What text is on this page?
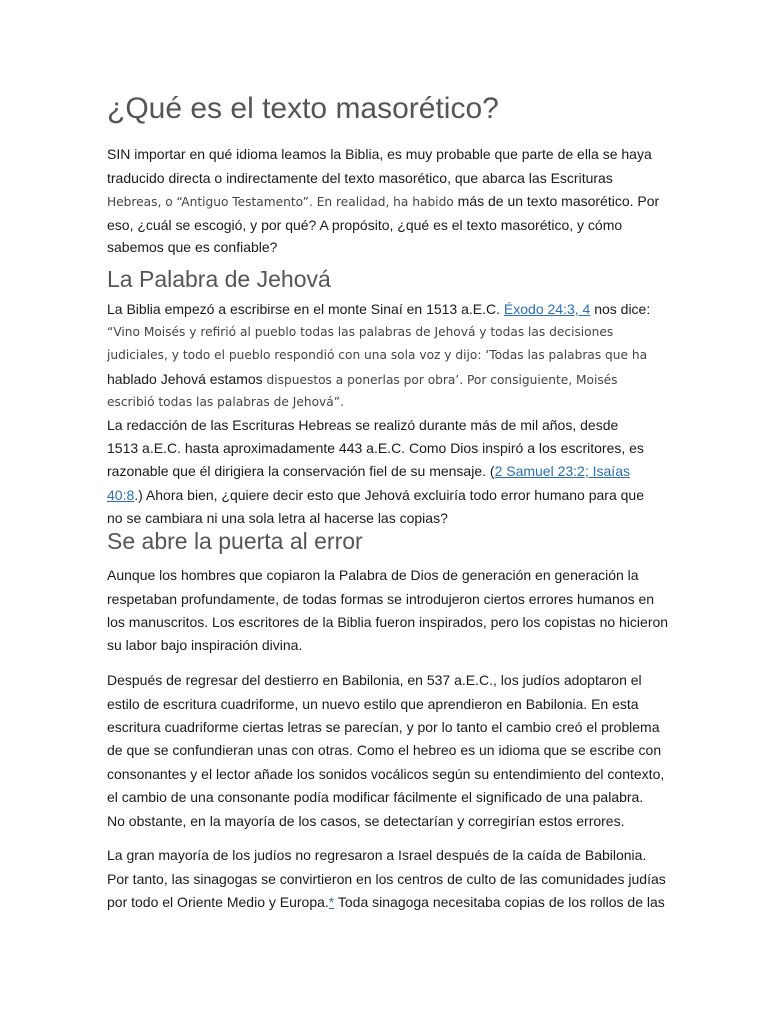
¿Qué es el texto masorético?
SIN importar en qué idioma leamos la Biblia, es muy probable que parte de ella se haya
traducido directa o indirectamente del texto masorético, que abarca las Escrituras
Hebreas, o “Antiguo Testamento”. En realidad, ha habido más de un texto masorético. Por
eso, ¿cuál se escogió, y por qué? A propósito, ¿qué es el texto masorético, y cómo
sabemos que es confiable?
La Palabra de Jehová
La Biblia empezó a escribirse en el monte Sinaí en 1513 a.E.C. Éxodo 24:3, 4 nos dice:
“Vino Moisés y refirió al pueblo todas las palabras de Jehová y todas las decisiones
judiciales, y todo el pueblo respondió con una sola voz y dijo: ‘Todas las palabras que ha
hablado Jehová estamos dispuestos a ponerlas por obra’. Por consiguiente, Moisés
escribió todas las palabras de Jehová”.
La redacción de las Escrituras Hebreas se realizó durante más de mil años, desde
1513 a.E.C. hasta aproximadamente 443 a.E.C. Como Dios inspiró a los escritores, es
razonable que él dirigiera la conservación fiel de su mensaje. (2 Samuel 23:2; Isaías
40:8.) Ahora bien, ¿quiere decir esto que Jehová excluiría todo error humano para que
no se cambiara ni una sola letra al hacerse las copias?
Se abre la puerta al error
Aunque los hombres que copiaron la Palabra de Dios de generación en generación la
respetaban profundamente, de todas formas se introdujeron ciertos errores humanos en
los manuscritos. Los escritores de la Biblia fueron inspirados, pero los copistas no hicieron
su labor bajo inspiración divina.
Después de regresar del destierro en Babilonia, en 537 a.E.C., los judíos adoptaron el
estilo de escritura cuadriforme, un nuevo estilo que aprendieron en Babilonia. En esta
escritura cuadriforme ciertas letras se parecían, y por lo tanto el cambio creó el problema
de que se confundieran unas con otras. Como el hebreo es un idioma que se escribe con
consonantes y el lector añade los sonidos vocálicos según su entendimiento del contexto,
el cambio de una consonante podía modificar fácilmente el significado de una palabra.
No obstante, en la mayoría de los casos, se detectarían y corregirían estos errores.
La gran mayoría de los judíos no regresaron a Israel después de la caída de Babilonia.
Por tanto, las sinagogas se convirtieron en los centros de culto de las comunidades judías
por todo el Oriente Medio y Europa.* Toda sinagoga necesitaba copias de los rollos de las
